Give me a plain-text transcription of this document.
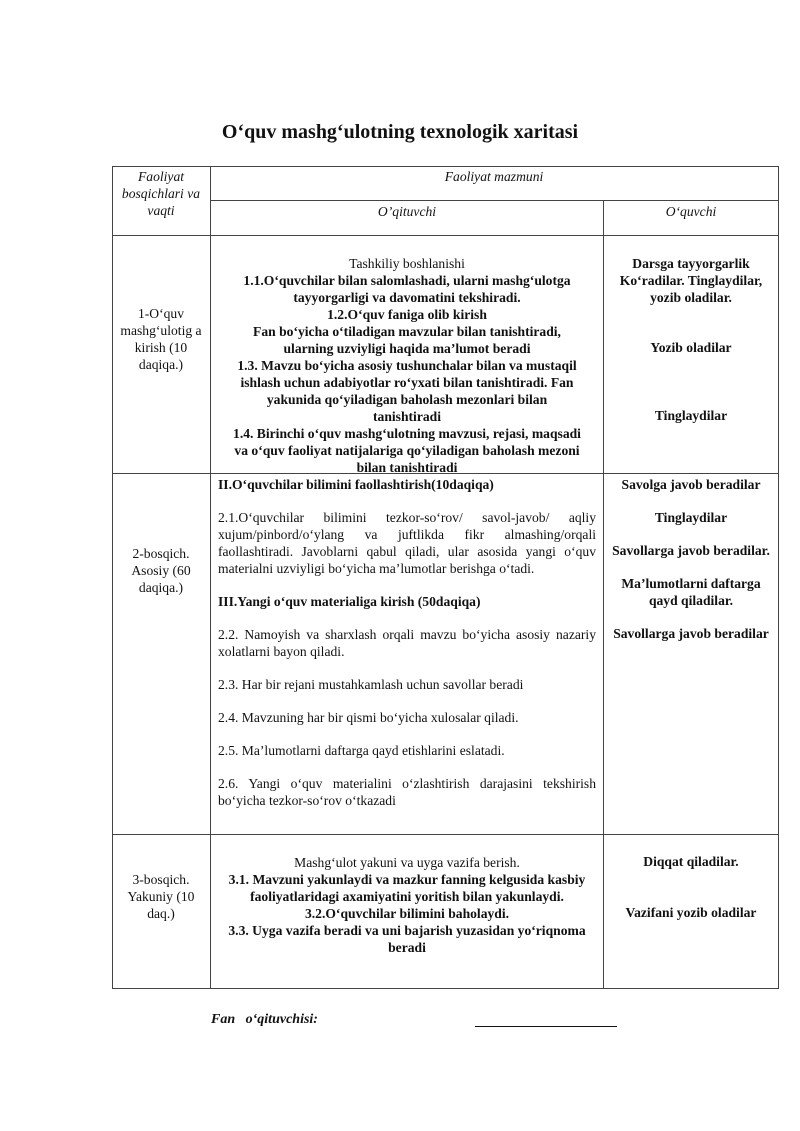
O‘quv mashg‘ulotning texnologik xaritasi
Faoliyat bosqichlari va vaqti
Faoliyat mazmuni
O’qituvchi	O‘quvchi
1-O‘quv mashg‘ulotig a kirish (10 daqiqa.)
Tashkiliy boshlanishi
1.1.O‘quvchilar bilan salomlashadi, ularni mashg‘ulotga
tayyorgarligi va davomatini tekshiradi.
1.2.O‘quv faniga olib kirish
Fan bo‘yicha o‘tiladigan mavzular bilan tanishtiradi,
ularning uzviyligi haqida ma’lumot beradi
1.3. Mavzu bo‘yicha asosiy tushunchalar bilan va mustaqil
ishlash uchun adabiyotlar ro‘yxati bilan tanishtiradi. Fan
yakunida qo‘yiladigan baholash mezonlari bilan
tanishtiradi
1.4. Birinchi o‘quv mashg‘ulotning mavzusi, rejasi, maqsadi
va o‘quv faoliyat natijalariga qo‘yiladigan baholash mezoni
bilan tanishtiradi
Darsga tayyorgarlik Ko‘radilar. Tinglaydilar, yozib oladilar.
Yozib oladilar
Tinglaydilar
2-bosqich. Asosiy (60 daqiqa.)

II.O‘quvchilar bilimini faollashtirish(10daqiqa)

2.1.O‘quvchilar bilimini tezkor-so‘rov/ savol-javob/ aqliy xujum/pinbord/o‘ylang va juftlikda fikr almashing/orqali faollashtiradi. Javoblarni qabul qiladi, ular asosida yangi o‘quv materialni uzviyligi bo‘yicha ma’lumotlar berishga o‘tadi.

III.Yangi o‘quv materialiga kirish (50daqiqa)

2.2. Namoyish va sharxlash orqali mavzu bo‘yicha asosiy nazariy xolatlarni bayon qiladi.

2.3. Har bir rejani mustahkamlash uchun savollar beradi

2.4. Mavzuning har bir qismi bo‘yicha xulosalar qiladi.

2.5. Ma’lumotlarni daftarga qayd etishlarini eslatadi.

2.6. Yangi o‘quv materialini o‘zlashtirish darajasini tekshirish bo‘yicha tezkor-so‘rov o‘tkazadi

Savolga javob beradilar

Tinglaydilar

Savollarga javob beradilar.

Ma’lumotlarni daftarga qayd qiladilar.

Savollarga javob beradilar

3-bosqich. Yakuniy (10 daq.)
Mashg‘ulot yakuni va uyga vazifa berish.
3.1. Mavzuni yakunlaydi va mazkur fanning kelgusida kasbiy faoliyatlaridagi axamiyatini yoritish bilan yakunlaydi.
3.2.O‘quvchilar bilimini baholaydi.
3.3. Uyga vazifa beradi va uni bajarish yuzasidan yo‘riqnoma beradi
Diqqat qiladilar.
Vazifani yozib oladilar
Fan   o‘qituvchisi:
